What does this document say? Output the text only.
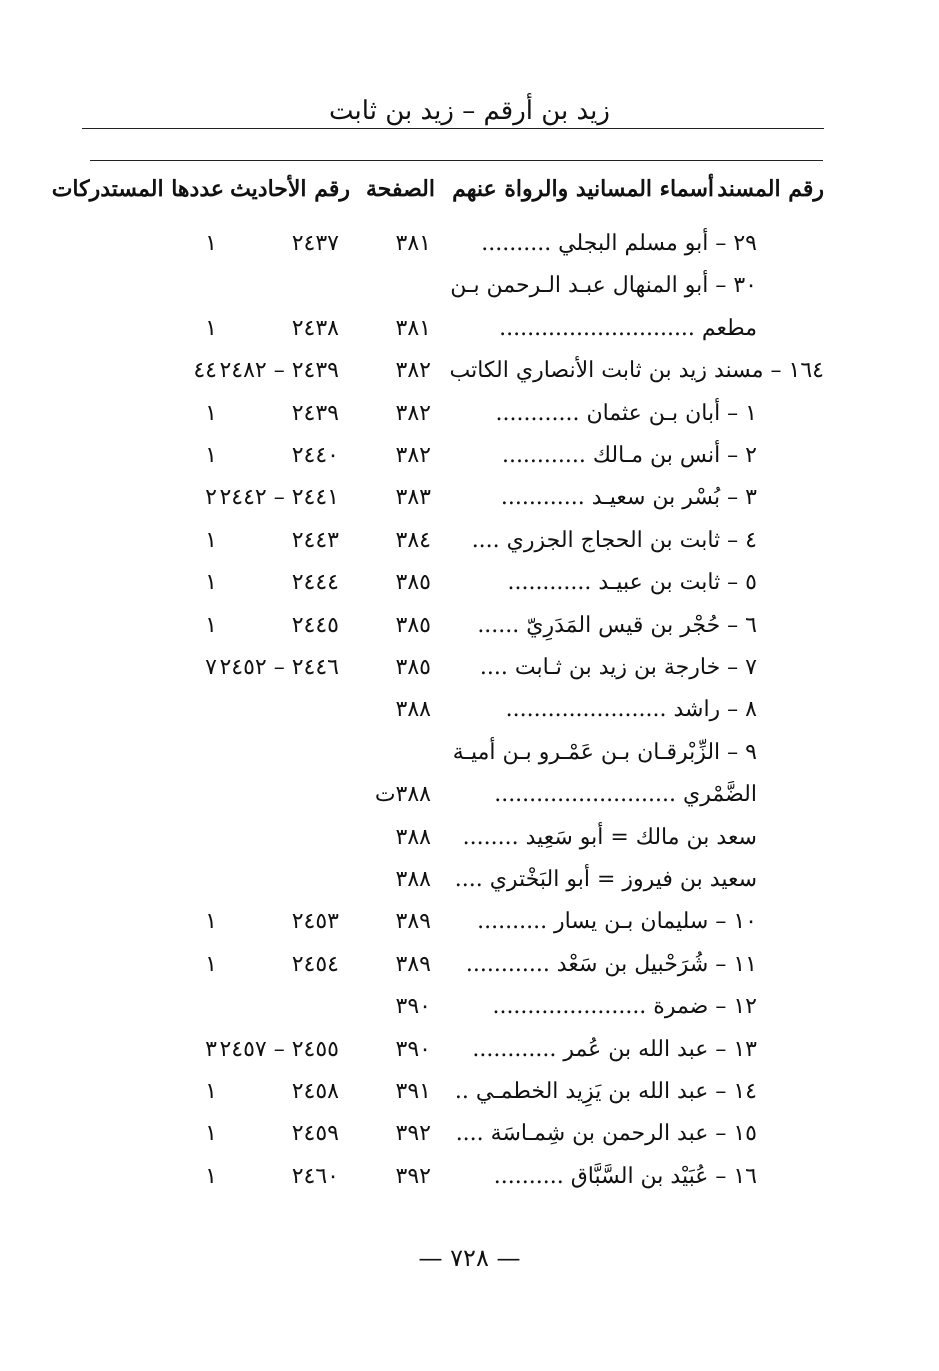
زيد بن أرقم – زيد بن ثابت
رقم المسند
أسماء المسانيد والرواة عنهم
الصفحة
رقم الأحاديث
عددها المستدركات
٢٩ – أبو مسلم البجلي ..........
٣٨١
٢٤٣٧
١
٣٠ – أبو المنهال عبـد الـرحمن بـن
مطعم ............................
٣٨١
٢٤٣٨
١
١٦٤ – مسند زيد بن ثابت الأنصاري الكاتب
٣٨٢
٢٤٣٩ – ٢٤٨٢
٤٤
١ – أبان بـن عثمان ............
٣٨٢
٢٤٣٩
١
٢ – أنس بن مـالك ............
٣٨٢
٢٤٤٠
١
٣ – بُسْر بن سعيـد ............
٣٨٣
٢٤٤١ – ٢٤٤٢
٢
٤ – ثابت بن الحجاج الجزري ....
٣٨٤
٢٤٤٣
١
٥ – ثابت بن عبيـد ............
٣٨٥
٢٤٤٤
١
٦ – حُجْر بن قيس المَدَرِيّ ......
٣٨٥
٢٤٤٥
١
٧ – خارجة بن زيد بن ثـابت ....
٣٨٥
٢٤٤٦ – ٢٤٥٢
٧
٨ – راشد .......................
٣٨٨
٩ – الزِّبْرقـان بـن عَمْـرو بـن أميـة
الضَّمْري ..........................
٣٨٨ت
سعد بن مالك = أبو سَعِيد ........
٣٨٨
سعيد بن فيروز = أبو البَخْتري ....
٣٨٨
١٠ – سليمان بـن يسار ..........
٣٨٩
٢٤٥٣
١
١١ – شُرَحْبيل بن سَعْد ............
٣٨٩
٢٤٥٤
١
١٢ – ضمرة ......................
٣٩٠
١٣ – عبد الله بن عُمر ............
٣٩٠
٢٤٥٥ – ٢٤٥٧
٣
١٤ – عبد الله بن يَزِيد الخطمـي ..
٣٩١
٢٤٥٨
١
١٥ – عبد الرحمن بن شِمـاسَة ....
٣٩٢
٢٤٥٩
١
١٦ – عُبَيْد بن السَّبَّاق ..........
٣٩٢
٢٤٦٠
١
— ٧٢٨ —
